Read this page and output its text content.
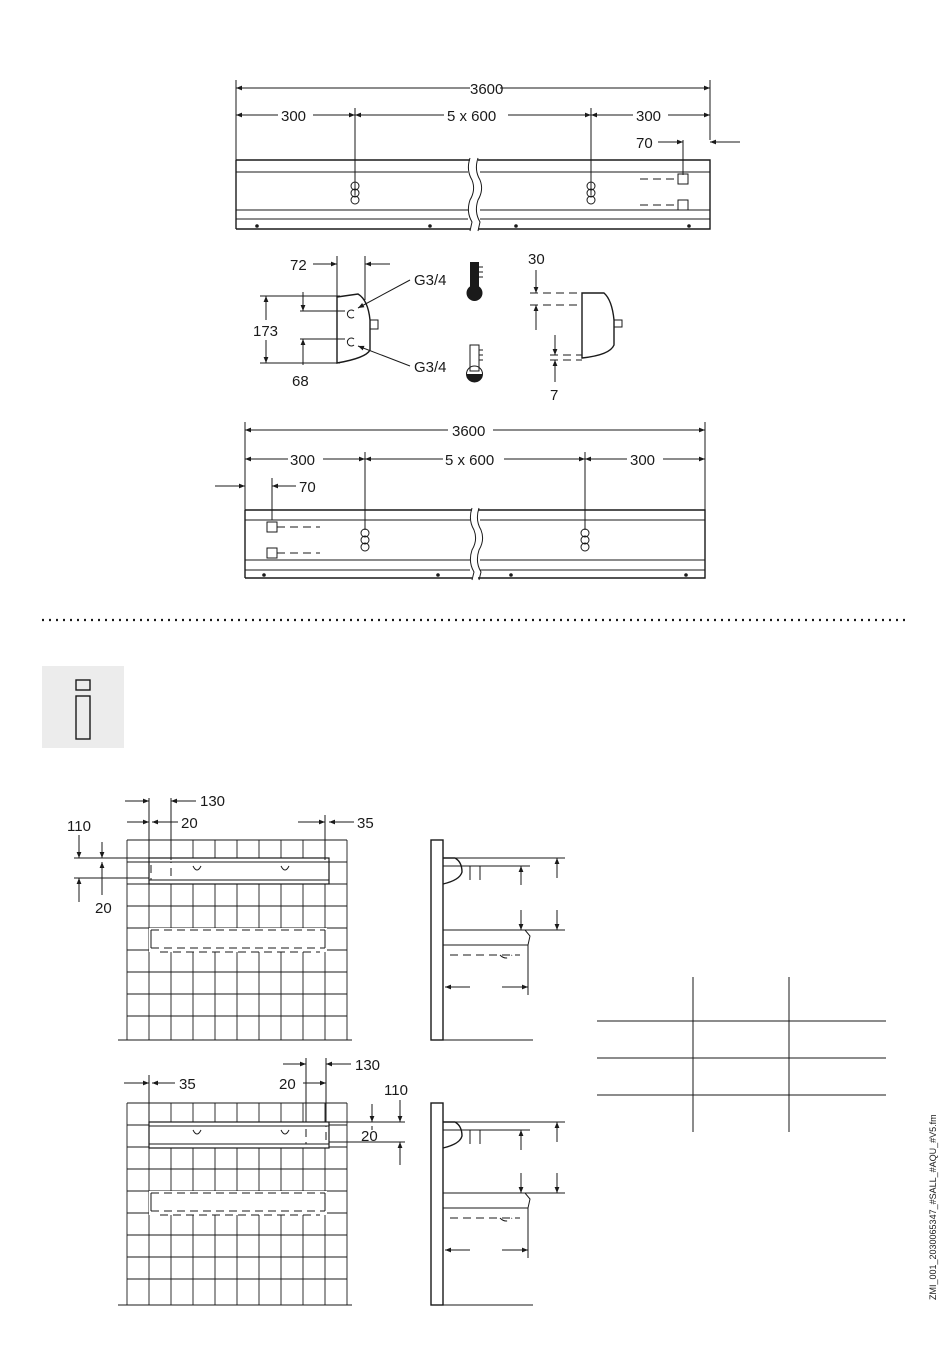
3600
300	5 x 600	300
70
72
173
68
G3/4
G3/4
30
7
3600
300	5 x 600	300
70
130
20	35
110
20
35	20
130
110
20	ZMI_001_2030065347_#SALL_#AQU_#V5.fm
